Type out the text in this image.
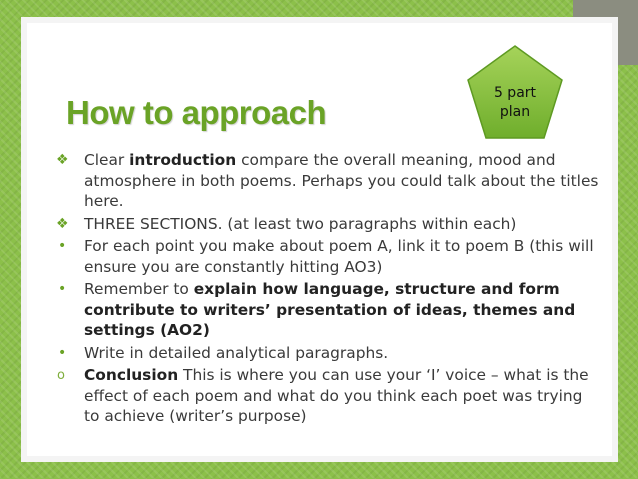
How to approach
5 part
plan
❖ Clear introduction compare the overall meaning, mood and atmosphere in both poems. Perhaps you could talk about the titles here.
❖ THREE SECTIONS. (at least two paragraphs within each)
• For each point you make about poem A, link it to poem B (this will ensure you are constantly hitting AO3)
• Remember to explain how language, structure and form contribute to writers’ presentation of ideas, themes and settings (AO2)
• Write in detailed analytical paragraphs.
o Conclusion This is where you can use your ‘I’ voice – what is the effect of each poem and what do you think each poet was trying to achieve (writer’s purpose)
